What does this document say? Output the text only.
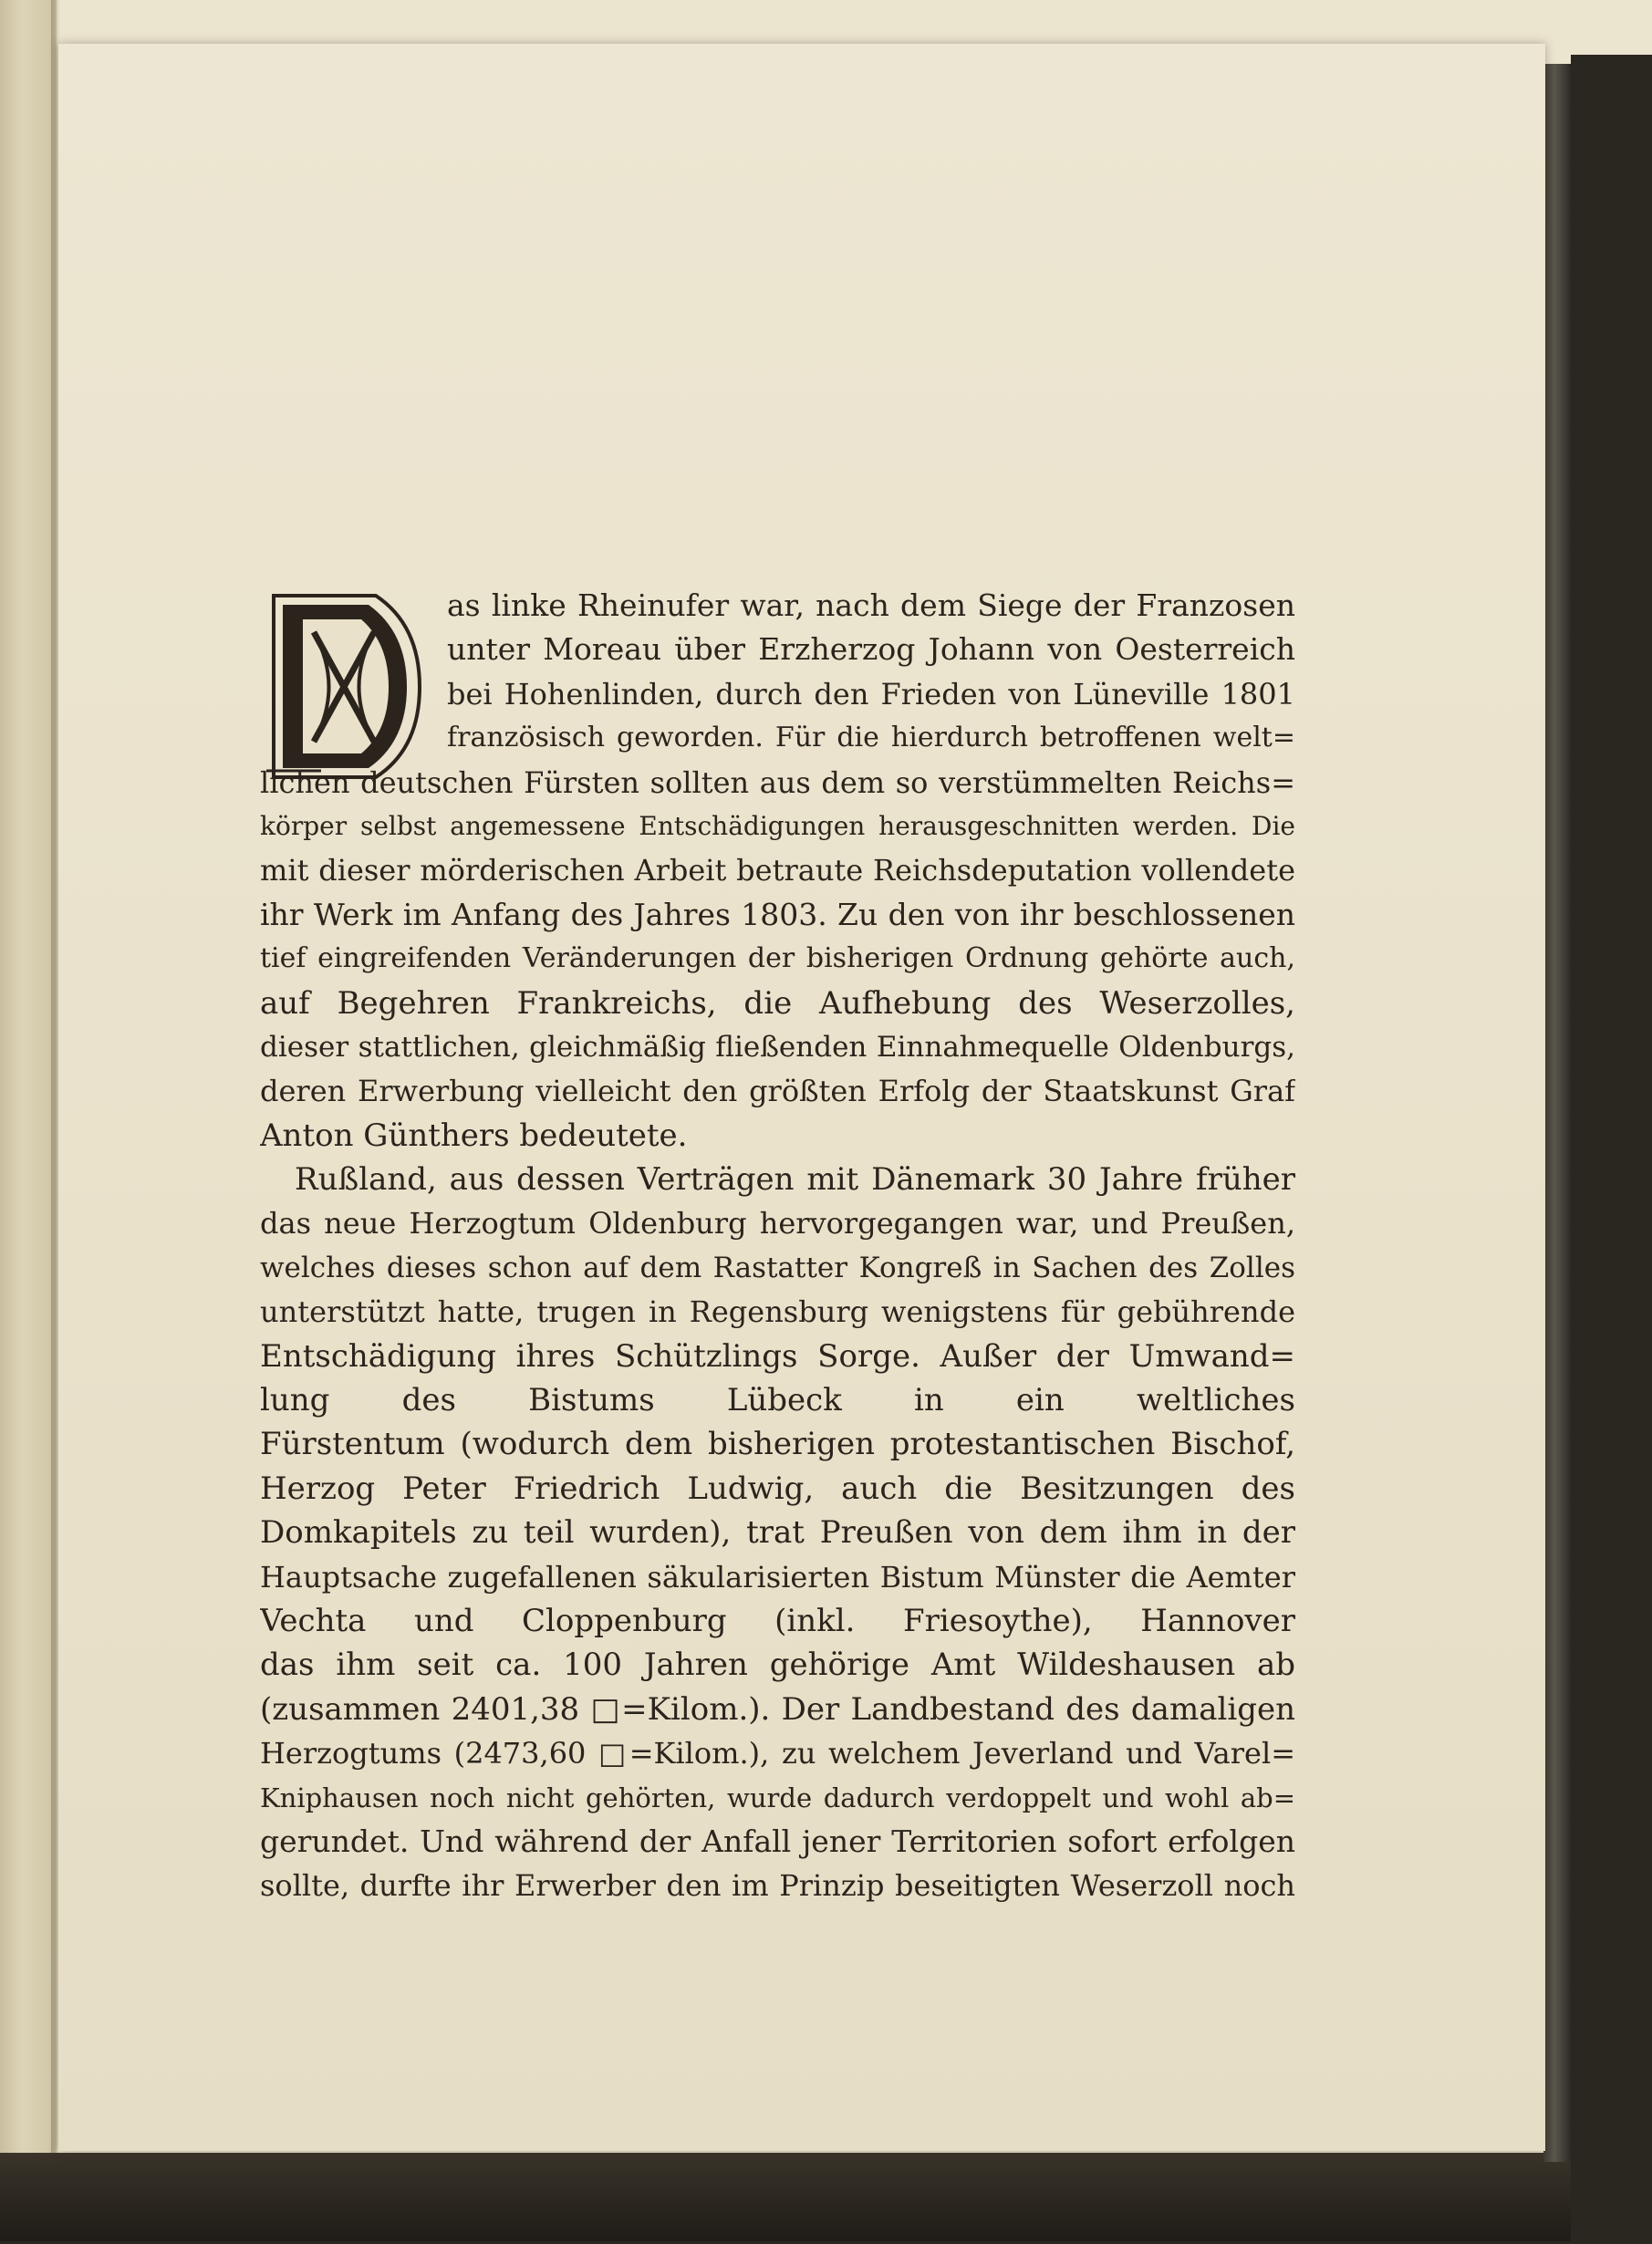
as linke Rheinufer war, nach dem Siege der Franzosen
unter Moreau über Erzherzog Johann von Oesterreich
bei Hohenlinden, durch den Frieden von Lüneville 1801
französisch geworden. Für die hierdurch betroffenen welt=
lichen deutschen Fürsten sollten aus dem so verstümmelten Reichs=
körper selbst angemessene Entschädigungen herausgeschnitten werden. Die
mit dieser mörderischen Arbeit betraute Reichsdeputation vollendete
ihr Werk im Anfang des Jahres 1803. Zu den von ihr beschlossenen
tief eingreifenden Veränderungen der bisherigen Ordnung gehörte auch,
auf Begehren Frankreichs, die Aufhebung des Weserzolles,
dieser stattlichen, gleichmäßig fließenden Einnahmequelle Oldenburgs,
deren Erwerbung vielleicht den größten Erfolg der Staatskunst Graf
Anton Günthers bedeutete.
Rußland, aus dessen Verträgen mit Dänemark 30 Jahre früher
das neue Herzogtum Oldenburg hervorgegangen war, und Preußen,
welches dieses schon auf dem Rastatter Kongreß in Sachen des Zolles
unterstützt hatte, trugen in Regensburg wenigstens für gebührende
Entschädigung ihres Schützlings Sorge. Außer der Umwand=
lung des Bistums Lübeck in ein weltliches
Fürstentum (wodurch dem bisherigen protestantischen Bischof,
Herzog Peter Friedrich Ludwig, auch die Besitzungen des
Domkapitels zu teil wurden), trat Preußen von dem ihm in der
Hauptsache zugefallenen säkularisierten Bistum Münster die Aemter
Vechta und Cloppenburg (inkl. Friesoythe), Hannover
das ihm seit ca. 100 Jahren gehörige Amt Wildeshausen ab
(zusammen 2401,38 □=Kilom.). Der Landbestand des damaligen
Herzogtums (2473,60 □=Kilom.), zu welchem Jeverland und Varel=
Kniphausen noch nicht gehörten, wurde dadurch verdoppelt und wohl ab=
gerundet. Und während der Anfall jener Territorien sofort erfolgen
sollte, durfte ihr Erwerber den im Prinzip beseitigten Weserzoll noch
